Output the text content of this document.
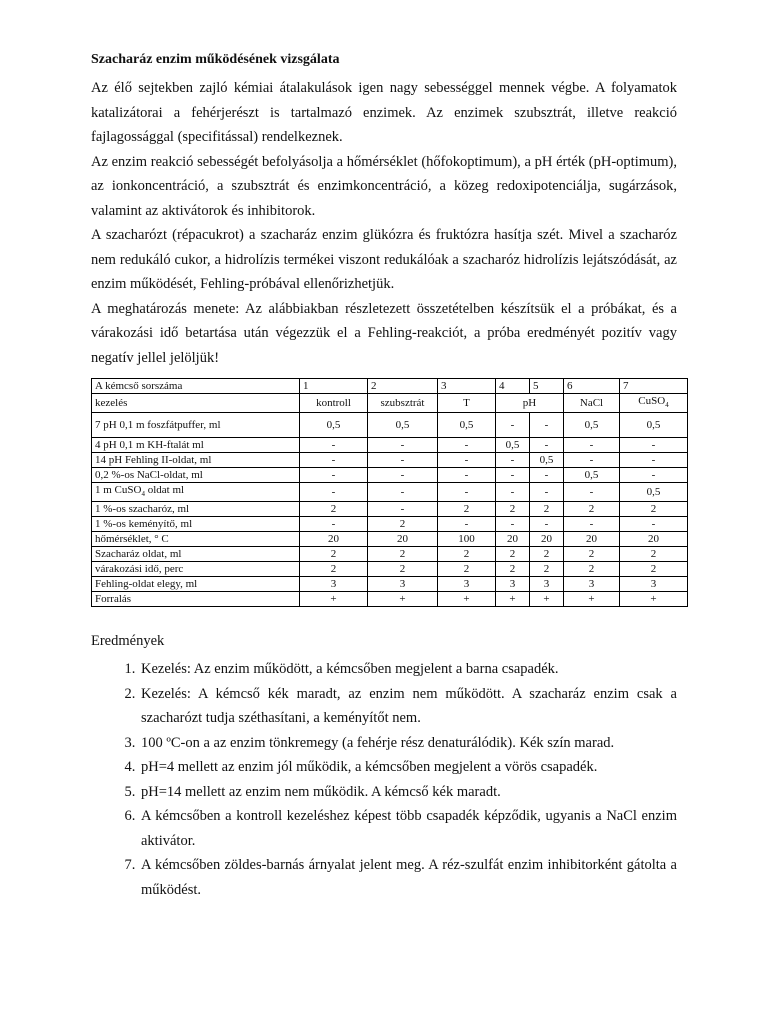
Szacharáz enzim működésének vizsgálata

Az élő sejtekben zajló kémiai átalakulások igen nagy sebességgel mennek végbe. A folyamatok katalizátorai a fehérjerészt is tartalmazó enzimek. Az enzimek szubsztrát, illetve reakció fajlagossággal (specifitással) rendelkeznek.

Az enzim reakció sebességét befolyásolja a hőmérséklet (hőfokoptimum), a pH érték (pH-optimum), az ionkoncentráció, a szubsztrát és enzimkoncentráció, a közeg redoxipotenciálja, sugárzások, valamint az aktivátorok és inhibitorok.

A szacharózt (répacukrot) a szacharáz enzim glükózra és fruktózra hasítja szét. Mivel a szacharóz nem redukáló cukor, a hidrolízis termékei viszont redukálóak a szacharóz hidrolízis lejátszódását, az enzim működését, Fehling-próbával ellenőrizhetjük.

A meghatározás menete: Az alábbiakban részletezett összetételben készítsük el a próbákat, és a várakozási idő betartása után végezzük el a Fehling-reakciót, a próba eredményét pozitív vagy negatív jellel jelöljük!

A kémcső sorszáma	1	2	3	4	5	6	7
kezelés	kontroll	szubsztrát	T	pH		NaCl	CuSO$_4$
7 pH 0,1 m foszfátpuffer, ml	0,5	0,5	0,5	-	-	0,5	0,5
4 pH 0,1 m KH-ftalát ml	-	-	-	0,5	-	-	-
14 pH Fehling II-oldat, ml	-	-	-	-	0,5	-	-
0,2 %-os NaCl-oldat, ml	-	-	-	-	-	0,5	-
1 m CuSO$_4$ oldat ml	-	-	-	-	-	-	0,5
1 %-os szacharóz, ml	2	-	2	2	2	2	2
1 %-os keményítő, ml	-	2	-	-	-	-	-
hőmérséklet, ° C	20	20	100	20	20	20	20
Szacharáz oldat, ml	2	2	2	2	2	2	2
várakozási idő, perc	2	2	2	2	2	2	2
Fehling-oldat elegy, ml	3	3	3	3	3	3	3
Forralás	+	+	+	+	+	+	+
Eredmények
1. Kezelés: Az enzim működött, a kémcsőben megjelent a barna csapadék.
2. Kezelés: A kémcső kék maradt, az enzim nem működött. A szacharáz enzim csak a szacharózt tudja széthasítani, a keményítőt nem.
3. 100 ºC-on a az enzim tönkremegy (a fehérje rész denaturálódik). Kék szín marad.
4. pH=4 mellett az enzim jól működik, a kémcsőben megjelent a vörös csapadék.
5. pH=14 mellett az enzim nem működik. A kémcső kék maradt.
6. A kémcsőben a kontroll kezeléshez képest több csapadék képződik, ugyanis a NaCl enzim aktivátor.
7. A kémcsőben zöldes-barnás árnyalat jelent meg. A réz-szulfát enzim inhibitorként gátolta a működést.
